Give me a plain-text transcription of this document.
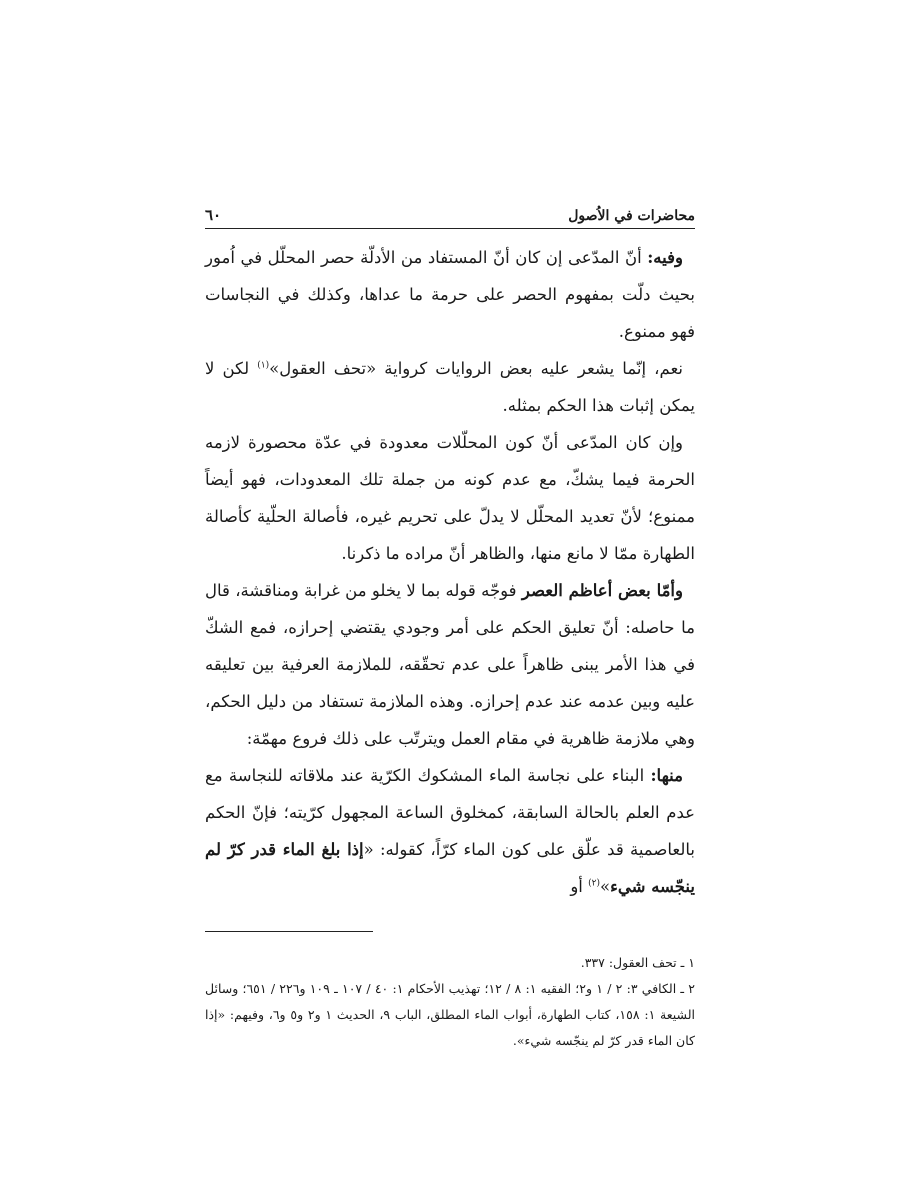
محاضرات في الاُصول
٦٠

وفيه: أنّ المدّعى إن كان أنّ المستفاد من الأدلّة حصر المحلّل في اُمور بحيث دلّت بمفهوم الحصر على حرمة ما عداها، وكذلك في النجاسات فهو ممنوع.

نعم، إنّما يشعر عليه بعض الروايات كرواية «تحف العقول»$^{(١)}$ لكن لا يمكن إثبات هذا الحكم بمثله.

وإن كان المدّعى أنّ كون المحلّلات معدودة في عدّة محصورة لازمه الحرمة فيما يشكّ، مع عدم كونه من جملة تلك المعدودات، فهو أيضاً ممنوع؛ لأنّ تعديد المحلّل لا يدلّ على تحريم غيره، فأصالة الحلّية كأصالة الطهارة ممّا لا مانع منها، والظاهر أنّ مراده ما ذكرنا.

وأمّا بعض أعاظم العصر فوجّه قوله بما لا يخلو من غرابة ومناقشة، قال ما حاصله: أنّ تعليق الحكم على أمر وجودي يقتضي إحرازه، فمع الشكّ في هذا الأمر يبنى ظاهراً على عدم تحقّقه، للملازمة العرفية بين تعليقه عليه وبين عدمه عند عدم إحرازه. وهذه الملازمة تستفاد من دليل الحكم، وهي ملازمة ظاهرية في مقام العمل ويترتّب على ذلك فروع مهمّة:

منها: البناء على نجاسة الماء المشكوك الكرّية عند ملاقاته للنجاسة مع عدم العلم بالحالة السابقة، كمخلوق الساعة المجهول كرّيته؛ فإنّ الحكم بالعاصمية قد علّق على كون الماء كرّاً، كقوله: «إذا بلغ الماء قدر كرّ لم ينجّسه شيء»$^{(٢)}$ أو

١ ـ تحف العقول: ٣٣٧.

٢ ـ الكافي ٣: ٢ / ١ و٢؛ الفقيه ١: ٨ / ١٢؛ تهذيب الأحكام ١: ٤٠ / ١٠٧ ـ ١٠٩ و٢٢٦ / ٦٥١؛ وسائل الشيعة ١: ١٥٨، كتاب الطهارة، أبواب الماء المطلق، الباب ٩، الحديث ١ و٢ و٥ و٦، وفيهم: «إذا كان الماء قدر كرّ لم ينجّسه شيء».
